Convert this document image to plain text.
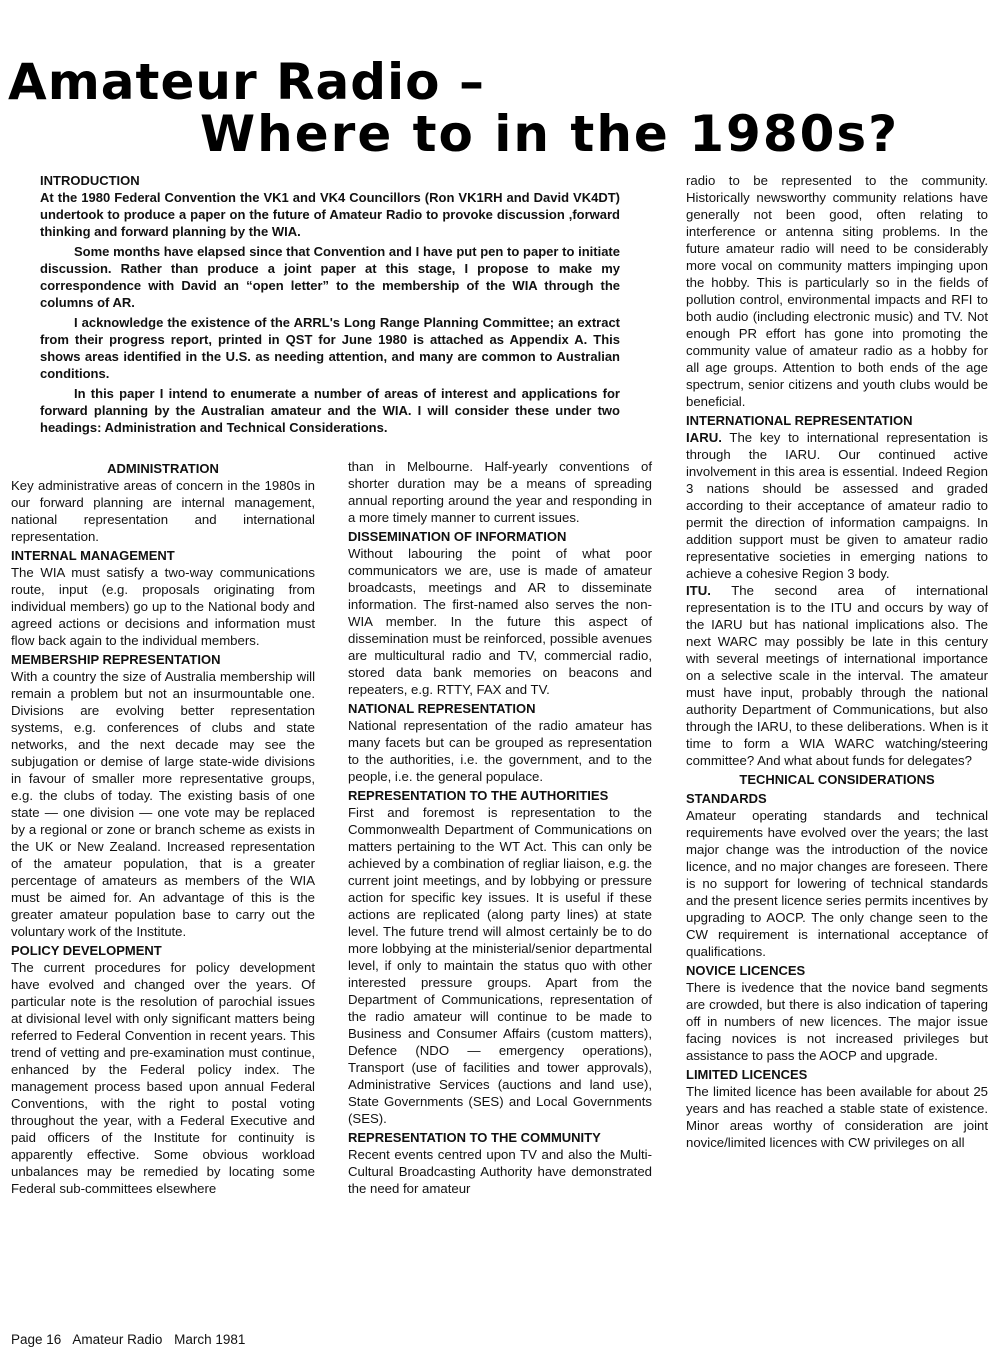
Amateur Radio –
Where to in the 1980s?

INTRODUCTION

At the 1980 Federal Convention the VK1 and VK4 Councillors (Ron VK1RH and David VK4DT) undertook to produce a paper on the future of Amateur Radio to provoke discussion ,forward thinking and forward planning by the WIA.

Some months have elapsed since that Convention and I have put pen to paper to initiate discussion. Rather than produce a joint paper at this stage, I propose to make my correspondence with David an “open letter” to the membership of the WIA through the columns of AR.

I acknowledge the existence of the ARRL's Long Range Planning Committee; an extract from their progress report, printed in QST for June 1980 is attached as Appendix A. This shows areas identified in the U.S. as needing attention, and many are common to Australian conditions.

In this paper I intend to enumerate a number of areas of interest and applications for forward planning by the Australian amateur and the WIA. I will consider these under two headings: Administration and Technical Considerations.

ADMINISTRATION

Key administrative areas of concern in the 1980s in our forward planning are internal management, national representation and international representation.

INTERNAL MANAGEMENT

The WIA must satisfy a two-way communications route, input (e.g. proposals originating from individual members) go up to the National body and agreed actions or decisions and information must flow back again to the individual members.

MEMBERSHIP REPRESENTATION

With a country the size of Australia membership will remain a problem but not an insurmountable one. Divisions are evolving better representation systems, e.g. conferences of clubs and state networks, and the next decade may see the subjugation or demise of large state-wide divisions in favour of smaller more representative groups, e.g. the clubs of today. The existing basis of one state — one division — one vote may be replaced by a regional or zone or branch scheme as exists in the UK or New Zealand. Increased representation of the amateur population, that is a greater percentage of amateurs as members of the WIA must be aimed for. An advantage of this is the greater amateur population base to carry out the voluntary work of the Institute.

POLICY DEVELOPMENT

The current procedures for policy development have evolved and changed over the years. Of particular note is the resolution of parochial issues at divisional level with only significant matters being referred to Federal Convention in recent years. This trend of vetting and pre-examination must continue, enhanced by the Federal policy index. The management process based upon annual Federal Conventions, with the right to postal voting throughout the year, with a Federal Executive and paid officers of the Institute for continuity is apparently effective. Some obvious workload unbalances may be remedied by locating some Federal sub-committees elsewhere

than in Melbourne. Half-yearly conventions of shorter duration may be a means of spreading annual reporting around the year and responding in a more timely manner to current issues.

DISSEMINATION OF INFORMATION

Without labouring the point of what poor communicators we are, use is made of amateur broadcasts, meetings and AR to disseminate information. The first-named also serves the non-WIA member. In the future this aspect of dissemination must be reinforced, possible avenues are multicultural radio and TV, commercial radio, stored data bank memories on beacons and repeaters, e.g. RTTY, FAX and TV.

NATIONAL REPRESENTATION

National representation of the radio amateur has many facets but can be grouped as representation to the authorities, i.e. the government, and to the people, i.e. the general populace.

REPRESENTATION TO THE AUTHORITIES

First and foremost is representation to the Commonwealth Department of Communications on matters pertaining to the WT Act. This can only be achieved by a combination of regliar liaison, e.g. the current joint meetings, and by lobbying or pressure action for specific key issues. It is useful if these actions are replicated (along party lines) at state level. The future trend will almost certainly be to do more lobbying at the ministerial/senior departmental level, if only to maintain the status quo with other interested pressure groups. Apart from the Department of Communications, representation of the radio amateur will continue to be made to Business and Consumer Affairs (custom matters), Defence (NDO — emergency operations), Transport (use of facilities and tower approvals), Administrative Services (auctions and land use), State Governments (SES) and Local Governments (SES).

REPRESENTATION TO THE COMMUNITY

Recent events centred upon TV and also the Multi-Cultural Broadcasting Authority have demonstrated the need for amateur

radio to be represented to the community. Historically newsworthy community relations have generally not been good, often relating to interference or antenna siting problems. In the future amateur radio will need to be considerably more vocal on community matters impinging upon the hobby. This is particularly so in the fields of pollution control, environmental impacts and RFI to both audio (including electronic music) and TV. Not enough PR effort has gone into promoting the community value of amateur radio as a hobby for all age groups. Attention to both ends of the age spectrum, senior citizens and youth clubs would be beneficial.

INTERNATIONAL REPRESENTATION

IARU. The key to international representation is through the IARU. Our continued active involvement in this area is essential. Indeed Region 3 nations should be assessed and graded according to their acceptance of amateur radio to permit the direction of information campaigns. In addition support must be given to amateur radio representative societies in emerging nations to achieve a cohesive Region 3 body.

ITU. The second area of international representation is to the ITU and occurs by way of the IARU but has national implications also. The next WARC may possibly be late in this century with several meetings of international importance on a selective scale in the interval. The amateur must have input, probably through the national authority Department of Communications, but also through the IARU, to these deliberations. When is it time to form a WIA WARC watching/steering committee? And what about funds for delegates?

TECHNICAL CONSIDERATIONS
STANDARDS

Amateur operating standards and technical requirements have evolved over the years; the last major change was the introduction of the novice licence, and no major changes are foreseen. There is no support for lowering of technical standards and the present licence series permits incentives by upgrading to AOCP. The only change seen to the CW requirement is international acceptance of qualifications.

NOVICE LICENCES

There is ivedence that the novice band segments are crowded, but there is also indication of tapering off in numbers of new licences. The major issue facing novices is not increased privileges but assistance to pass the AOCP and upgrade.

LIMITED LICENCES

The limited licence has been available for about 25 years and has reached a stable state of existence. Minor areas worthy of consideration are joint novice/limited licences with CW privileges on all

Page 16 Amateur Radio March 1981
